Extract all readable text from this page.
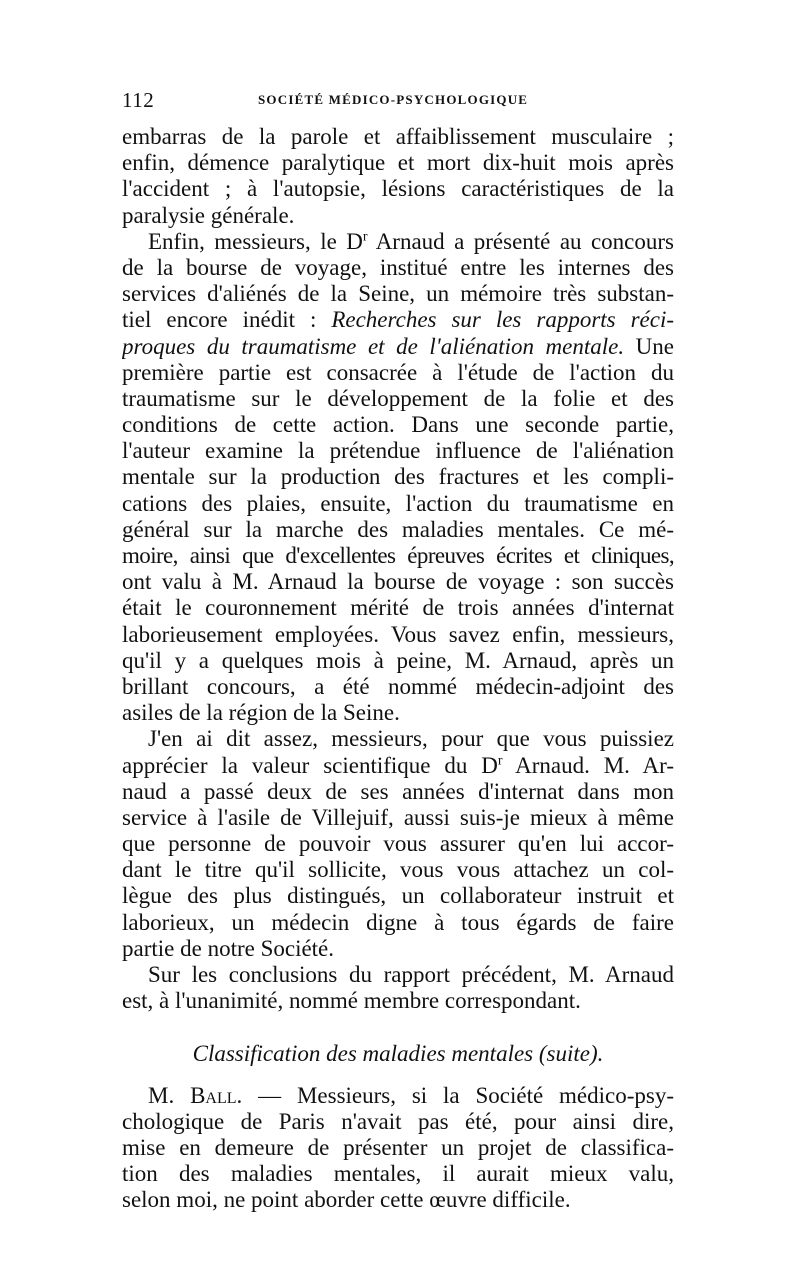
112	SOCIÉTÉ MÉDICO-PSYCHOLOGIQUE
embarras de la parole et affaiblissement musculaire ;
enfin, démence paralytique et mort dix-huit mois après
l'accident ; à l'autopsie, lésions caractéristiques de la
paralysie générale.
Enfin, messieurs, le $D^r$ Arnaud a présenté au concours
de la bourse de voyage, institué entre les internes des
services d'aliénés de la Seine, un mémoire très substan-
tiel encore inédit : Recherches sur les rapports réci-
proques du traumatisme et de l'aliénation mentale. Une
première partie est consacrée à l'étude de l'action du
traumatisme sur le développement de la folie et des
conditions de cette action. Dans une seconde partie,
l'auteur examine la prétendue influence de l'aliénation
mentale sur la production des fractures et les compli-
cations des plaies, ensuite, l'action du traumatisme en
général sur la marche des maladies mentales. Ce mé-
moire, ainsi que d'excellentes épreuves écrites et cliniques,
ont valu à M. Arnaud la bourse de voyage : son succès
était le couronnement mérité de trois années d'internat
laborieusement employées. Vous savez enfin, messieurs,
qu'il y a quelques mois à peine, M. Arnaud, après un
brillant concours, a été nommé médecin-adjoint des
asiles de la région de la Seine.
J'en ai dit assez, messieurs, pour que vous puissiez
apprécier la valeur scientifique du $D^r$ Arnaud. M. Ar-
naud a passé deux de ses années d'internat dans mon
service à l'asile de Villejuif, aussi suis-je mieux à même
que personne de pouvoir vous assurer qu'en lui accor-
dant le titre qu'il sollicite, vous vous attachez un col-
lègue des plus distingués, un collaborateur instruit et
laborieux, un médecin digne à tous égards de faire
partie de notre Société.
Sur les conclusions du rapport précédent, M. Arnaud
est, à l'unanimité, nommé membre correspondant.
Classification des maladies mentales (suite).
M. Ball. — Messieurs, si la Société médico-psy-
chologique de Paris n'avait pas été, pour ainsi dire,
mise en demeure de présenter un projet de classifica-
tion des maladies mentales, il aurait mieux valu,
selon moi, ne point aborder cette œuvre difficile.
